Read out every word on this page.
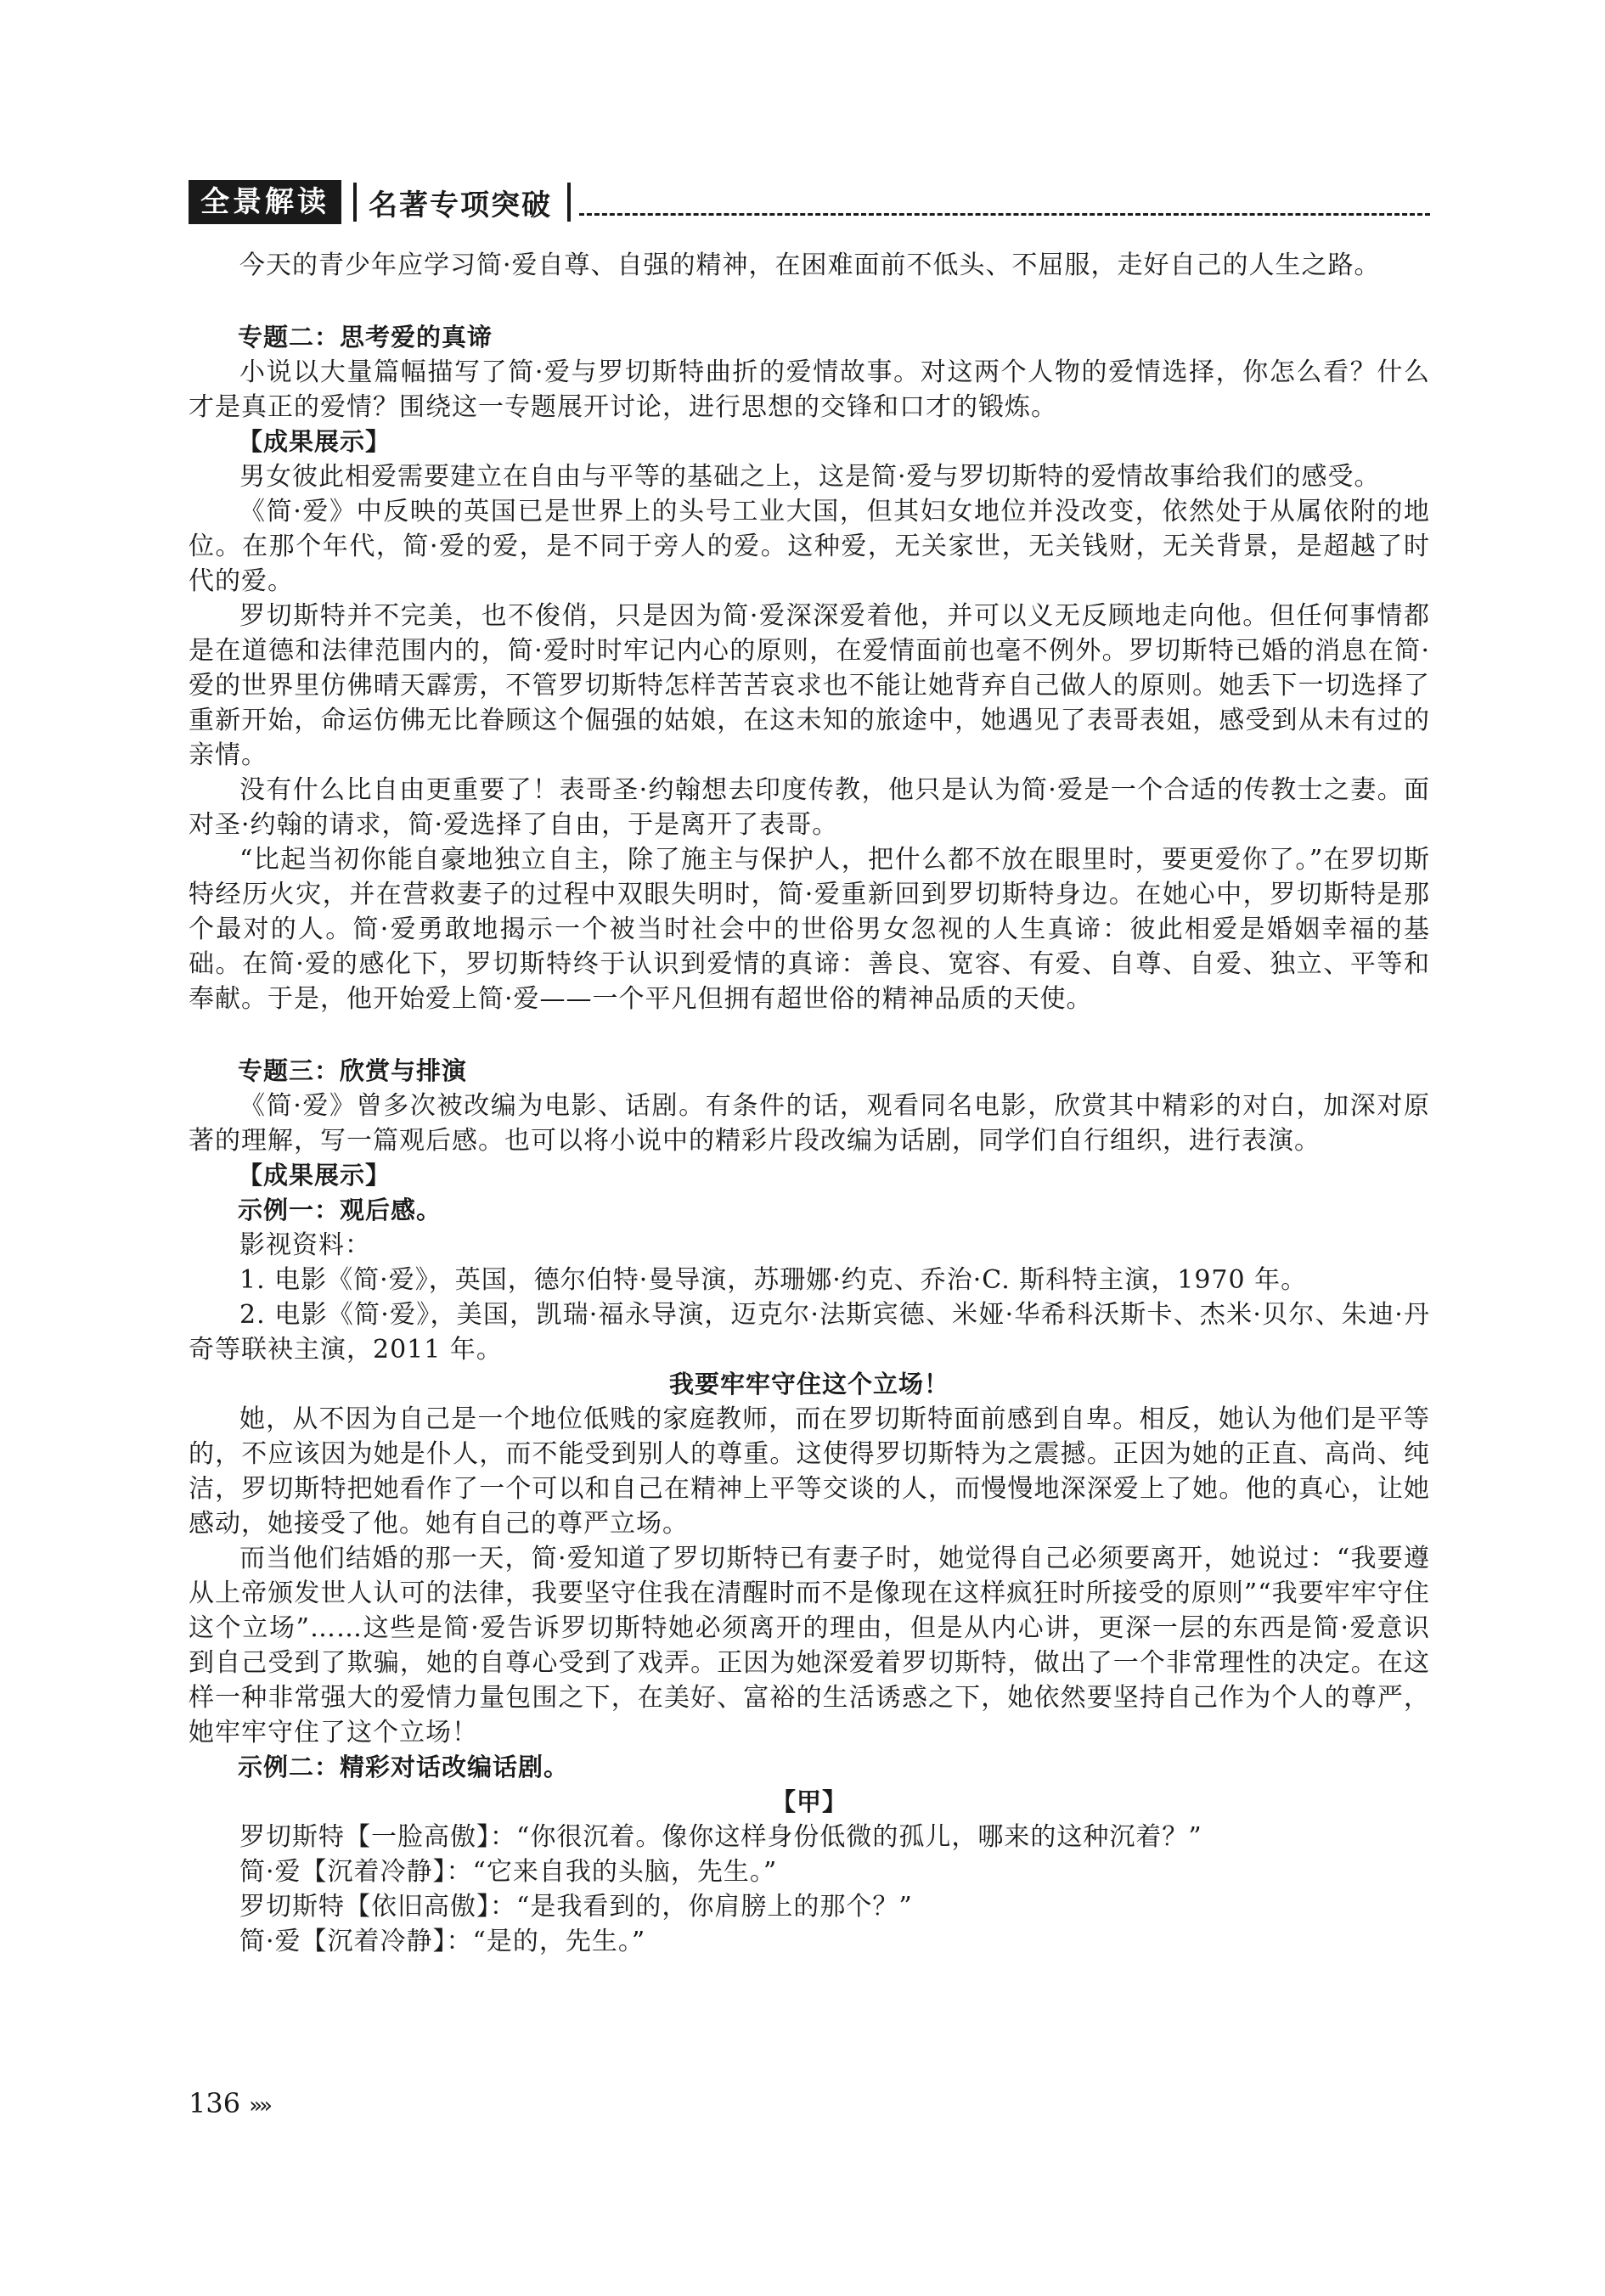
全景解读	名著专项突破

今天的青少年应学习简·爱自尊、自强的精神，在困难面前不低头、不屈服，走好自己的人生之路。

专题二：思考爱的真谛

小说以大量篇幅描写了简·爱与罗切斯特曲折的爱情故事。对这两个人物的爱情选择，你怎么看？什么才是真正的爱情？围绕这一专题展开讨论，进行思想的交锋和口才的锻炼。

【成果展示】

男女彼此相爱需要建立在自由与平等的基础之上，这是简·爱与罗切斯特的爱情故事给我们的感受。

《简·爱》中反映的英国已是世界上的头号工业大国，但其妇女地位并没改变，依然处于从属依附的地位。在那个年代，简·爱的爱，是不同于旁人的爱。这种爱，无关家世，无关钱财，无关背景，是超越了时代的爱。

罗切斯特并不完美，也不俊俏，只是因为简·爱深深爱着他，并可以义无反顾地走向他。但任何事情都是在道德和法律范围内的，简·爱时时牢记内心的原则，在爱情面前也毫不例外。罗切斯特已婚的消息在简·爱的世界里仿佛晴天霹雳，不管罗切斯特怎样苦苦哀求也不能让她背弃自己做人的原则。她丢下一切选择了重新开始，命运仿佛无比眷顾这个倔强的姑娘，在这未知的旅途中，她遇见了表哥表姐，感受到从未有过的亲情。

没有什么比自由更重要了！表哥圣·约翰想去印度传教，他只是认为简·爱是一个合适的传教士之妻。面对圣·约翰的请求，简·爱选择了自由，于是离开了表哥。

“比起当初你能自豪地独立自主，除了施主与保护人，把什么都不放在眼里时，要更爱你了。”在罗切斯特经历火灾，并在营救妻子的过程中双眼失明时，简·爱重新回到罗切斯特身边。在她心中，罗切斯特是那个最对的人。简·爱勇敢地揭示一个被当时社会中的世俗男女忽视的人生真谛：彼此相爱是婚姻幸福的基础。在简·爱的感化下，罗切斯特终于认识到爱情的真谛：善良、宽容、有爱、自尊、自爱、独立、平等和奉献。于是，他开始爱上简·爱——一个平凡但拥有超世俗的精神品质的天使。

专题三：欣赏与排演

《简·爱》曾多次被改编为电影、话剧。有条件的话，观看同名电影，欣赏其中精彩的对白，加深对原著的理解，写一篇观后感。也可以将小说中的精彩片段改编为话剧，同学们自行组织，进行表演。

【成果展示】
示例一：观后感。
影视资料：

1. 电影《简·爱》，英国，德尔伯特·曼导演，苏珊娜·约克、乔治·C. 斯科特主演，1970 年。

2. 电影《简·爱》，美国，凯瑞·福永导演，迈克尔·法斯宾德、米娅·华希科沃斯卡、杰米·贝尔、朱迪·丹奇等联袂主演，2011 年。

我要牢牢守住这个立场！

她，从不因为自己是一个地位低贱的家庭教师，而在罗切斯特面前感到自卑。相反，她认为他们是平等的，不应该因为她是仆人，而不能受到别人的尊重。这使得罗切斯特为之震撼。正因为她的正直、高尚、纯洁，罗切斯特把她看作了一个可以和自己在精神上平等交谈的人，而慢慢地深深爱上了她。他的真心，让她感动，她接受了他。她有自己的尊严立场。

而当他们结婚的那一天，简·爱知道了罗切斯特已有妻子时，她觉得自己必须要离开，她说过：“我要遵从上帝颁发世人认可的法律，我要坚守住我在清醒时而不是像现在这样疯狂时所接受的原则”“我要牢牢守住这个立场”……这些是简·爱告诉罗切斯特她必须离开的理由，但是从内心讲，更深一层的东西是简·爱意识到自己受到了欺骗，她的自尊心受到了戏弄。正因为她深爱着罗切斯特，做出了一个非常理性的决定。在这样一种非常强大的爱情力量包围之下，在美好、富裕的生活诱惑之下，她依然要坚持自己作为个人的尊严，她牢牢守住了这个立场！

示例二：精彩对话改编话剧。
【甲】
罗切斯特【一脸高傲】：“你很沉着。像你这样身份低微的孤儿，哪来的这种沉着？”
简·爱【沉着冷静】：“它来自我的头脑，先生。”
罗切斯特【依旧高傲】：“是我看到的，你肩膀上的那个？”
简·爱【沉着冷静】：“是的，先生。”
136 »»
